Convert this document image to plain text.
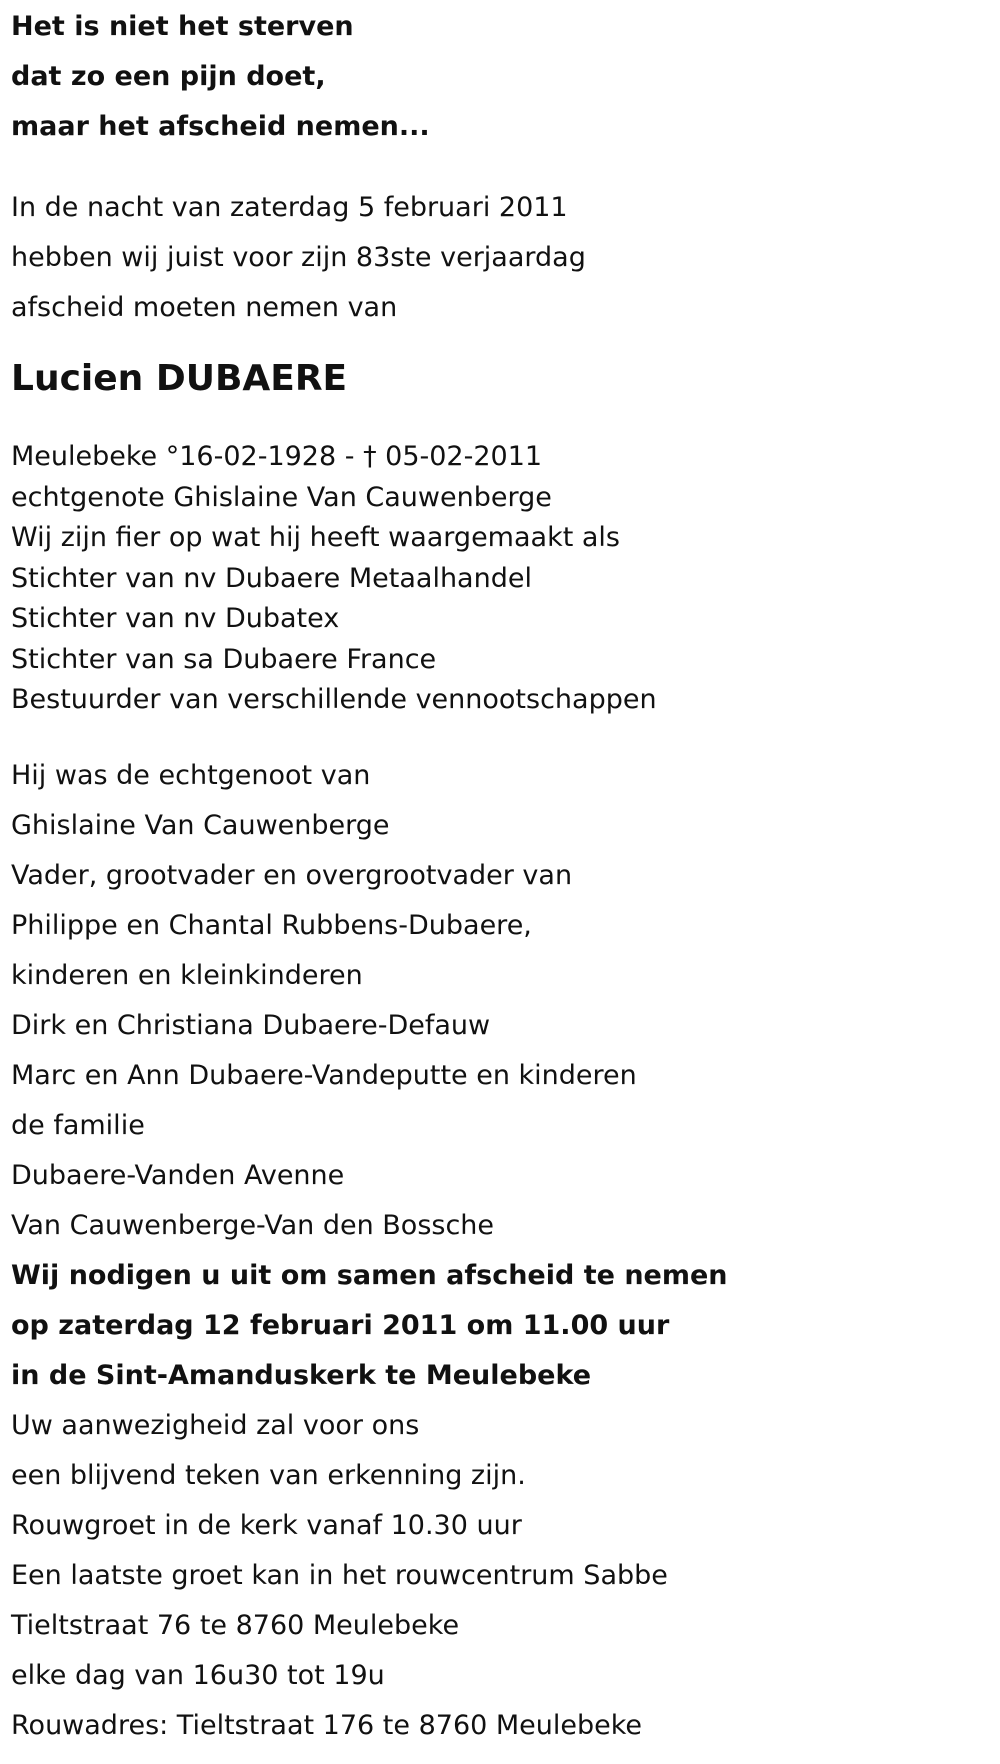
Het is niet het sterven
dat zo een pijn doet,
maar het afscheid nemen...
In de nacht van zaterdag 5 februari 2011
hebben wij juist voor zijn 83ste verjaardag
afscheid moeten nemen van
Lucien DUBAERE
Meulebeke °16-02-1928 - † 05-02-2011
echtgenote Ghislaine Van Cauwenberge
Wij zijn fier op wat hij heeft waargemaakt als
Stichter van nv Dubaere Metaalhandel
Stichter van nv Dubatex
Stichter van sa Dubaere France
Bestuurder van verschillende vennootschappen
Hij was de echtgenoot van
Ghislaine Van Cauwenberge
Vader, grootvader en overgrootvader van
Philippe en Chantal Rubbens-Dubaere,
kinderen en kleinkinderen
Dirk en Christiana Dubaere-Defauw
Marc en Ann Dubaere-Vandeputte en kinderen
de familie
Dubaere-Vanden Avenne
Van Cauwenberge-Van den Bossche
Wij nodigen u uit om samen afscheid te nemen
op zaterdag 12 februari 2011 om 11.00 uur
in de Sint-Amanduskerk te Meulebeke
Uw aanwezigheid zal voor ons
een blijvend teken van erkenning zijn.
Rouwgroet in de kerk vanaf 10.30 uur
Een laatste groet kan in het rouwcentrum Sabbe
Tieltstraat 76 te 8760 Meulebeke
elke dag van 16u30 tot 19u
Rouwadres: Tieltstraat 176 te 8760 Meulebeke
